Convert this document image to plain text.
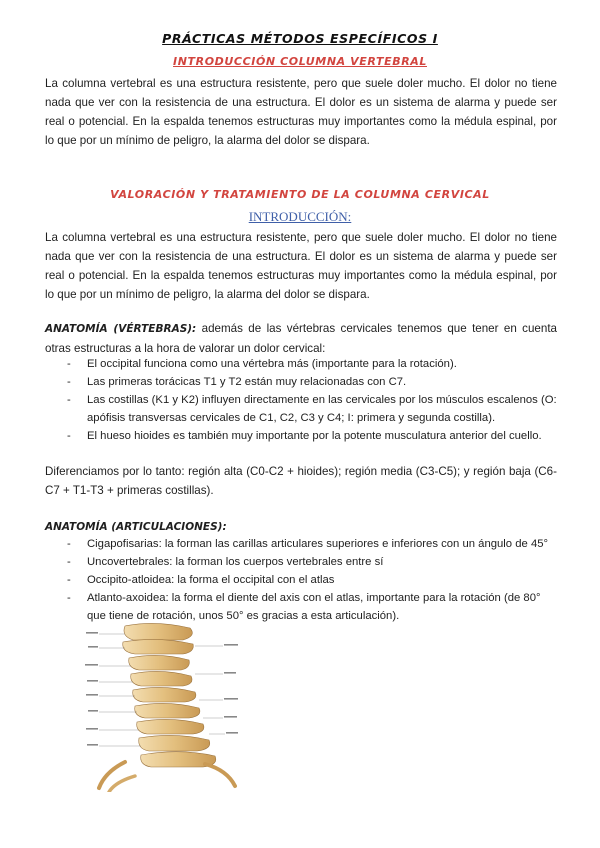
PRÁCTICAS MÉTODOS ESPECÍFICOS I
INTRODUCCIÓN COLUMNA VERTEBRAL
La columna vertebral es una estructura resistente, pero que suele doler mucho. El dolor no tiene nada que ver con la resistencia de una estructura. El dolor es un sistema de alarma y puede ser real o potencial. En la espalda tenemos estructuras muy importantes como la médula espinal, por lo que por un mínimo de peligro, la alarma del dolor se dispara.
VALORACIÓN Y TRATAMIENTO DE LA COLUMNA CERVICAL
INTRODUCCIÓN:
La columna vertebral es una estructura resistente, pero que suele doler mucho. El dolor no tiene nada que ver con la resistencia de una estructura. El dolor es un sistema de alarma y puede ser real o potencial. En la espalda tenemos estructuras muy importantes como la médula espinal, por lo que por un mínimo de peligro, la alarma del dolor se dispara.
ANATOMÍA (VÉRTEBRAS): además de las vértebras cervicales tenemos que tener en cuenta otras estructuras a la hora de valorar un dolor cervical:
- El occipital funciona como una vértebra más (importante para la rotación).
- Las primeras torácicas T1 y T2 están muy relacionadas con C7.
- Las costillas (K1 y K2) influyen directamente en las cervicales por los músculos escalenos (O: apófisis transversas cervicales de C1, C2, C3 y C4; I: primera y segunda costilla).
- El hueso hioides es también muy importante por la potente musculatura anterior del cuello.
Diferenciamos por lo tanto: región alta (C0-C2 + hioides); región media (C3-C5); y región baja (C6-C7 + T1-T3 + primeras costillas).
ANATOMÍA (ARTICULACIONES):
- Cigapofisarias: la forman las carillas articulares superiores e inferiores con un ángulo de 45°
- Uncovertebrales: la forman los cuerpos vertebrales entre sí
- Occipito-atloidea: la forma el occipital con el atlas
- Atlanto-axoidea: la forma el diente del axis con el atlas, importante para la rotación (de 80° que tiene de rotación, unos 50° es gracias a esta articulación).
